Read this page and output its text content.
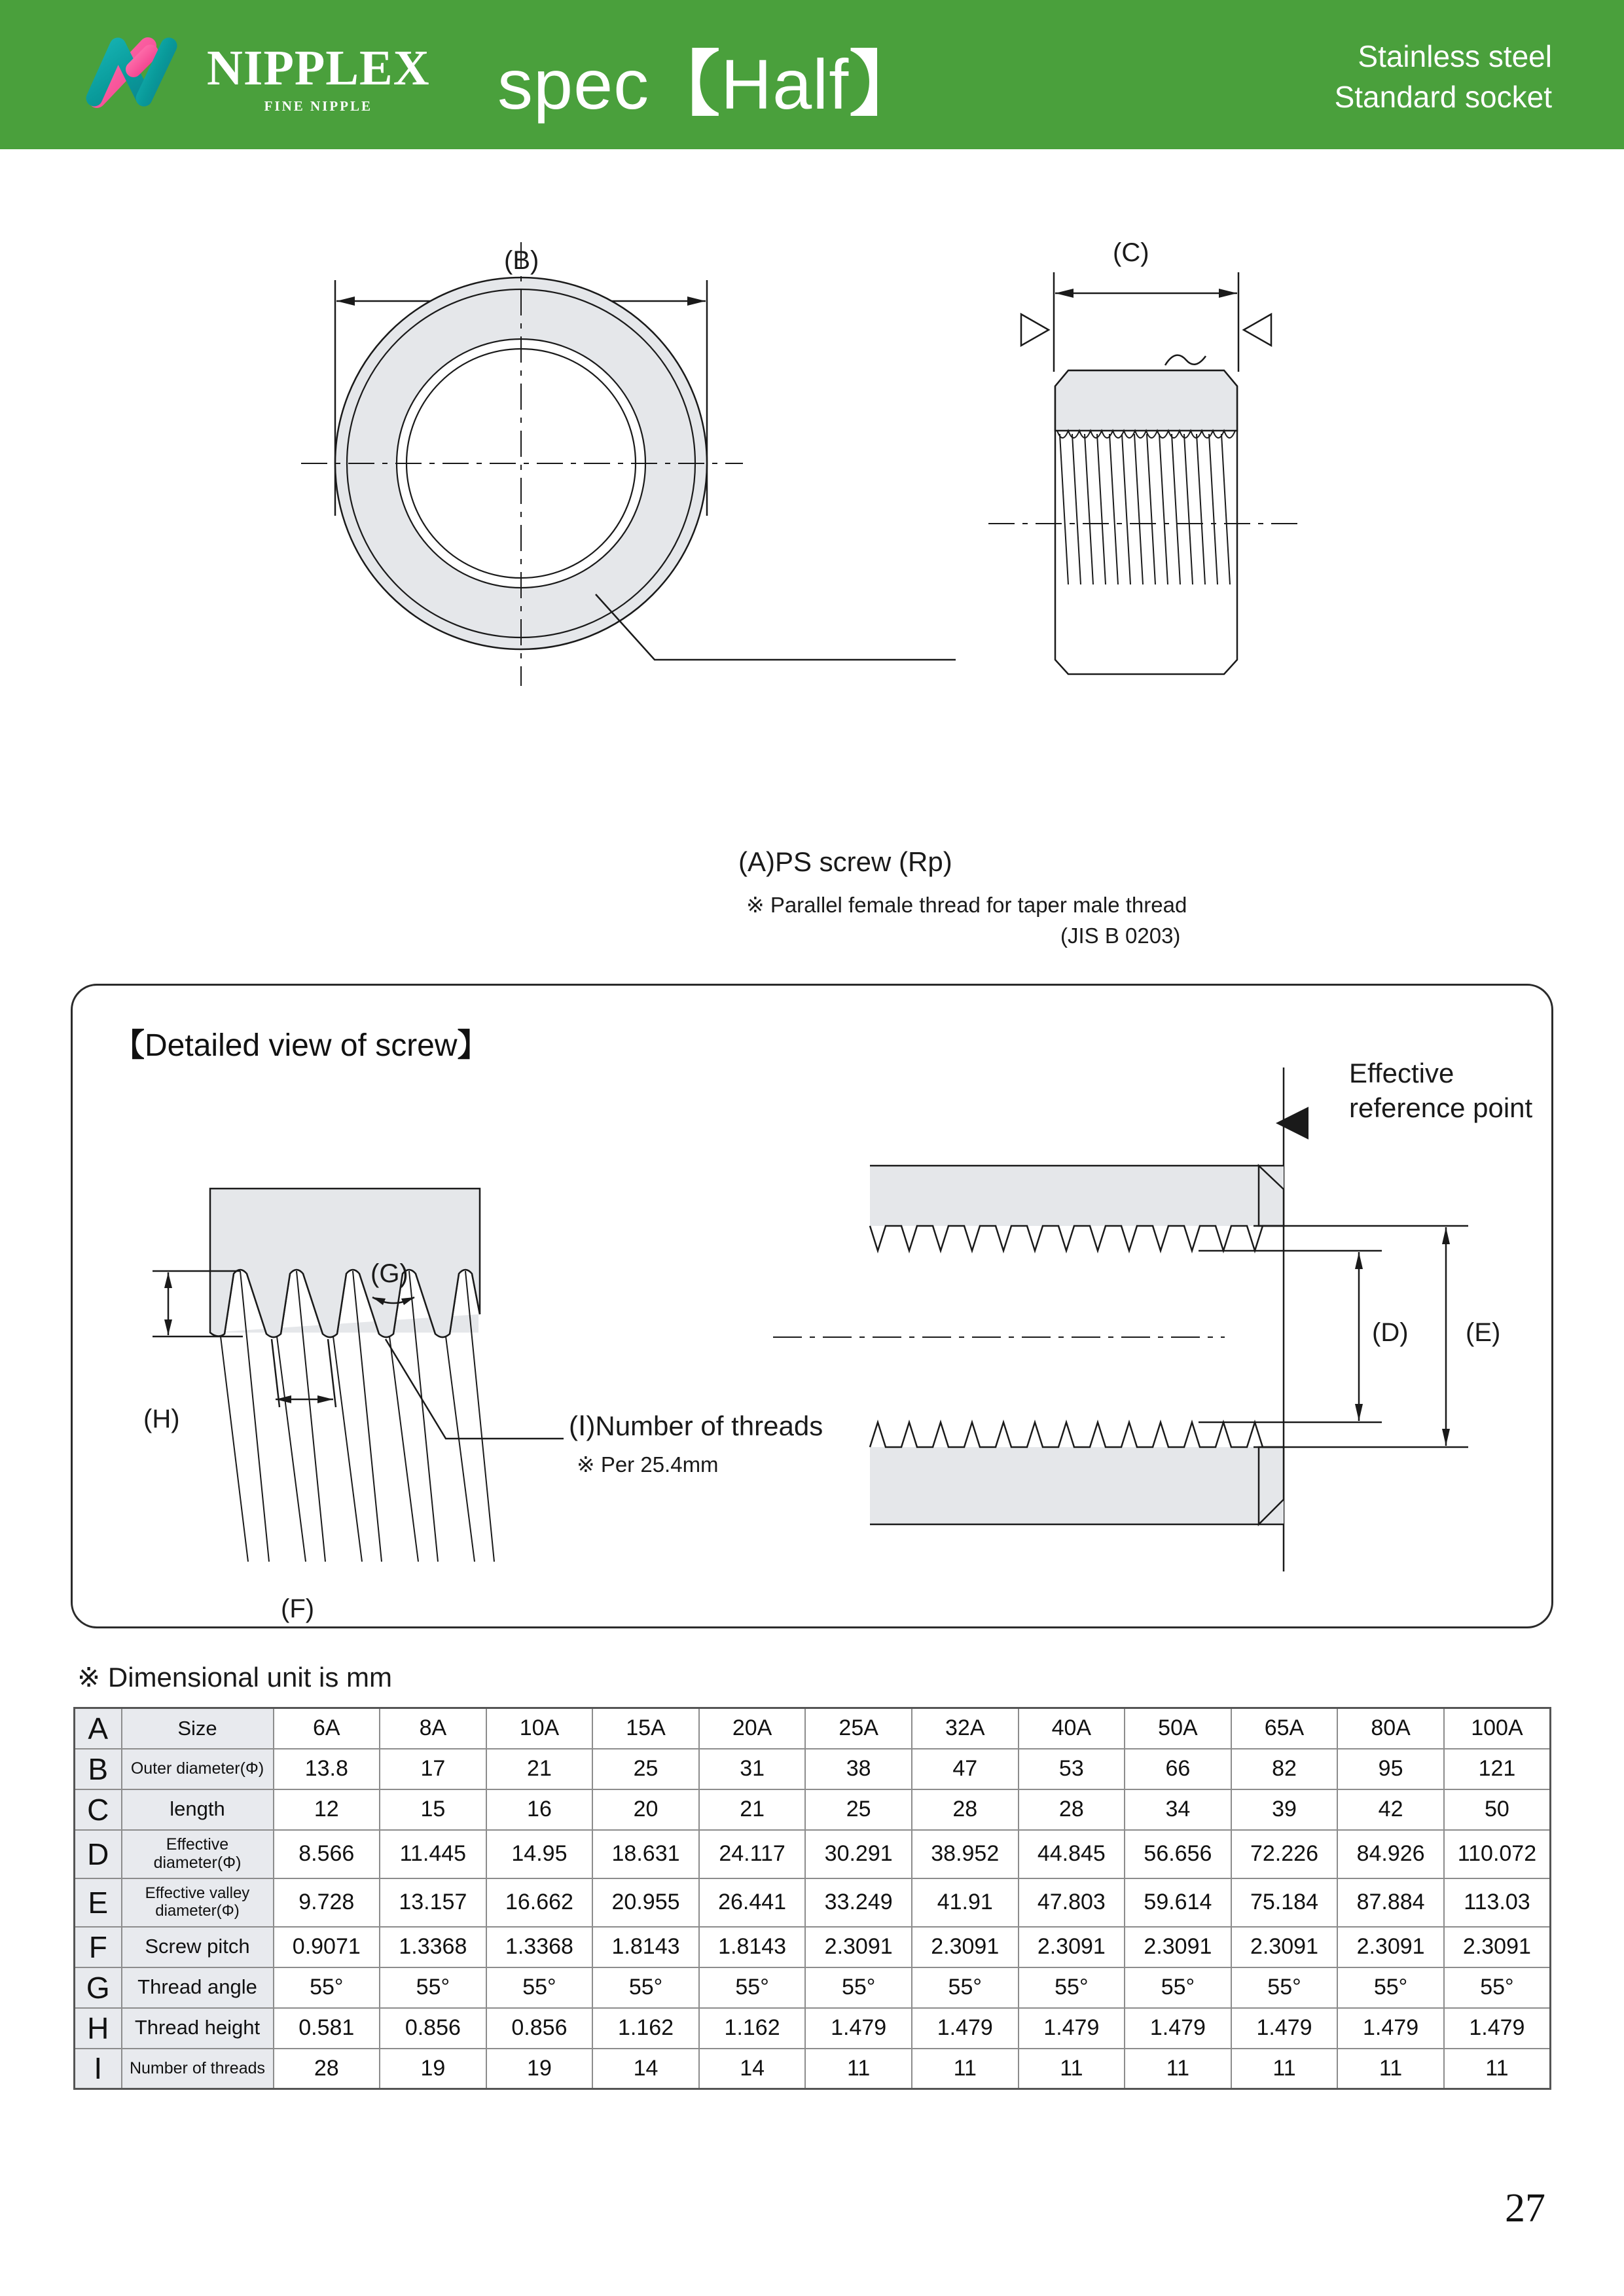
NIPPLEX
FINE NIPPLE	spec【Half】	Stainless steel
Standard socket
(B)
(A)PS screw (Rp)
※ Parallel female thread for taper male thread
(JIS B 0203)
(C)
【Detailed view of screw】
(H)
(F)
(G)
(Ⅰ)Number of threads
※ Per 25.4mm
Effective
reference point
(D) (E)
※ Dimensional unit is mm
A	Size	6A	8A	10A	15A	20A	25A	32A	40A	50A	65A	80A	100A
B	Outer diameter(Φ)	13.8	17	21	25	31	38	47	53	66	82	95	121
C	length	12	15	16	20	21	25	28	28	34	39	42	50
D	Effective
diameter(Φ)	8.566	11.445	14.95	18.631	24.117	30.291	38.952	44.845	56.656	72.226	84.926	110.072
E	Effective valley
diameter(Φ)	9.728	13.157	16.662	20.955	26.441	33.249	41.91	47.803	59.614	75.184	87.884	113.03
F	Screw pitch	0.9071	1.3368	1.3368	1.8143	1.8143	2.3091	2.3091	2.3091	2.3091	2.3091	2.3091	2.3091
G	Thread angle	55°	55°	55°	55°	55°	55°	55°	55°	55°	55°	55°	55°
H	Thread height	0.581	0.856	0.856	1.162	1.162	1.479	1.479	1.479	1.479	1.479	1.479	1.479
I	Number of threads	28	19	19	14	14	11	11	11	11	11	11	11
27
